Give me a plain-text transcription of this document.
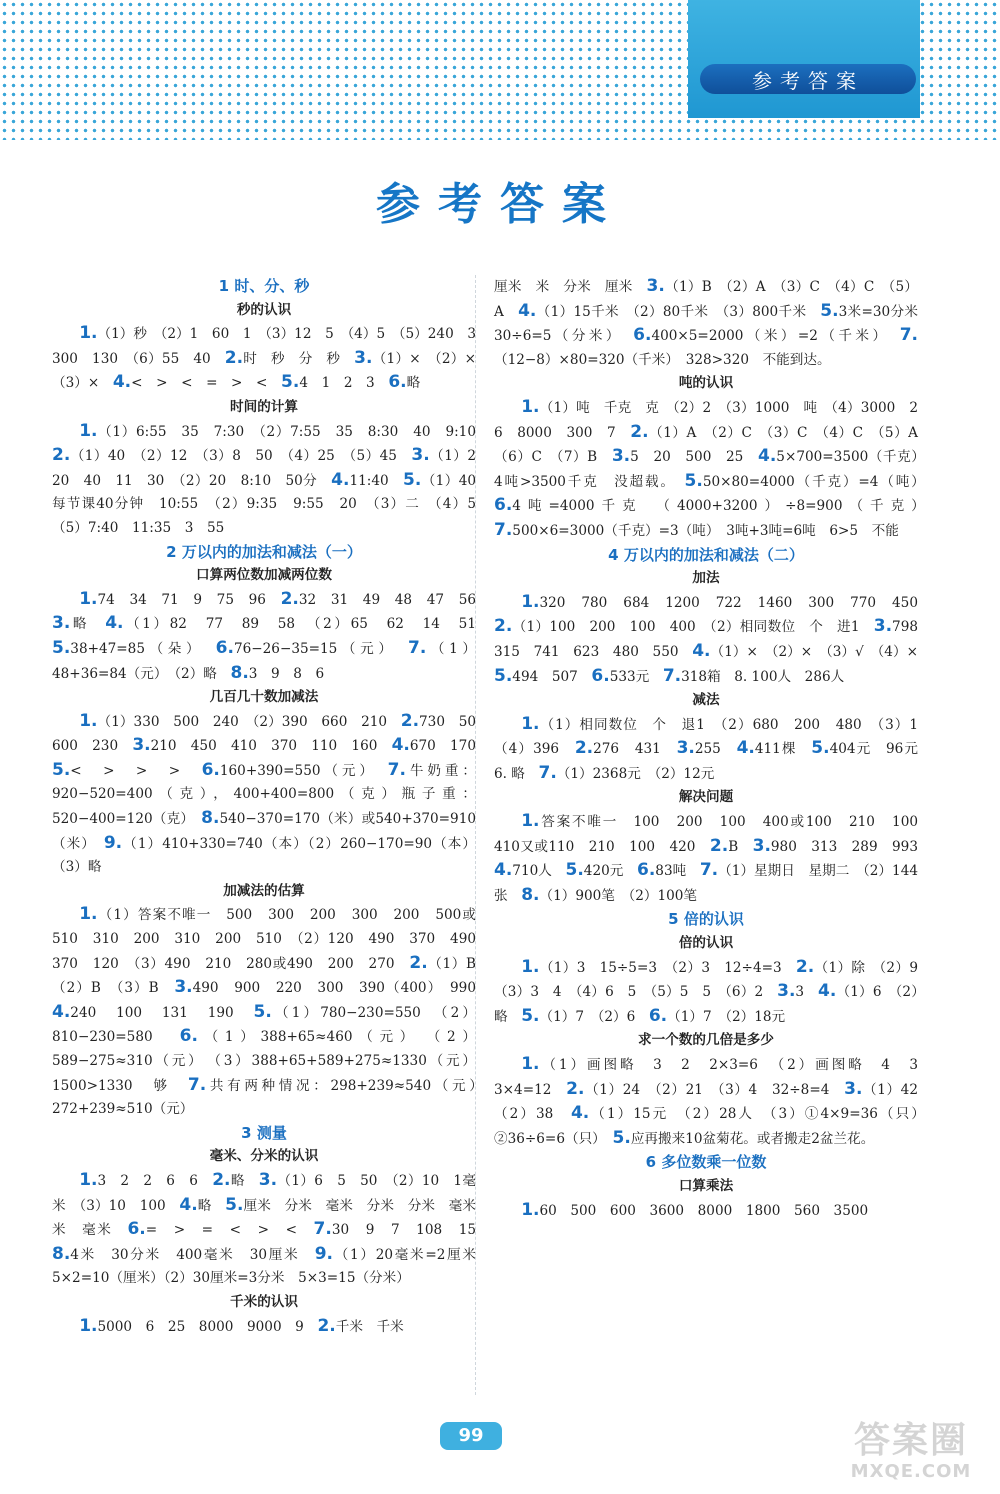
参考答案
参考答案
1 时、分、秒
秒的认识

1.（1）秒　（2）1　60　1　（3）12　5　（4）5　（5）240　3　300　130　（6）55　40　2.时　秒　分　秒　3.（1）×　（2）×　（3）×　4.<　>　<　=　>　<　5.4　1　2　3　6.略

时间的计算

1.（1）6:55　35　7:30　（2）7:55　35　8:30　40　9:10　2.（1）40　（2）12　（3）8　50　（4）25　（5）45　3.（1）2　20　40　11　30　（2）20　8:10　50分　4.11:40　5.（1）40　每节课40分钟　10:55　（2）9:35　9:55　20　（3）二　（4）5　（5）7:40　11:35　3　55

2 万以内的加法和减法（一）
口算两位数加减两位数

1.74　34　71　9　75　96　2.32　31　49　48　47　56　3.略　4.（1）82　77　89　58　（2）65　62　14　51　5.38+47=85（朵）　6.76−26−35=15（元）　7.（1）48+36=84（元）　（2）略　8.3　9　8　6

几百几十数加减法

1.（1）330　500　240　（2）390　660　210　2.730　50　600　230　3.210　450　410　370　110　160　4.670　170　5.<　>　>　>　6.160+390=550（元）　7.牛奶重：920−520=400（克），400+400=800（克）瓶子重：520−400=120（克）　8.540−370=170（米）或540+370=910（米）　9.（1）410+330=740（本）（2）260−170=90（本）（3）略

加减法的估算

1.（1）答案不唯一　500　300　200　300　200　500或510　310　200　310　200　510　（2）120　490　370　490　370　120　（3）490　210　280或490　200　270　2.（1）B　（2）B　（3）B　3.490　900　220　300　390（400）　990　4.240　100　131　190　5.（1）780−230=550　（2）810−230=580　6.（1）388+65≈460（元）　（2）589−275≈310（元）　（3）388+65+589+275≈1330（元）1500>1330　够　7.共有两种情况：298+239≈540（元）　272+239≈510（元）

3 测量
毫米、分米的认识

1.3　2　2　6　6　2.略　3.（1）6　5　50　（2）10　1毫米　（3）10　100　4.略　5.厘米　分米　毫米　分米　分米　毫米　米　毫米　6.=　>　=　<　>　<　7.30　9　7　108　15　8.4米　30分米　400毫米　30厘米　9.（1）20毫米=2厘米　5×2=10（厘米）（2）30厘米=3分米　5×3=15（分米）

千米的认识

1.5000　6　25　8000　9000　9　2.千米　千米

厘米　米　分米　厘米　3.（1）B　（2）A　（3）C　（4）C　（5）A　4.（1）15千米　（2）80千米　（3）800千米　5.3米=30分米　30÷6=5（分米）　6.400×5=2000（米）=2（千米）　7.（12−8）×80=320（千米）　328>320　不能到达。

吨的认识

1.（1）吨　千克　克　（2）2　（3）1000　吨　（4）3000　2　6　8000　300　7　2.（1）A　（2）C　（3）C　（4）C　（5）A　（6）C　（7）B　3.5　20　500　25　4.5×700=3500（千克）　4吨>3500千克　没超载。　5.50×80=4000（千克）=4（吨）　6.4吨=4000千克　（4000+3200）÷8=900（千克）　7.500×6=3000（千克）=3（吨）　3吨+3吨=6吨　6>5　不能

4 万以内的加法和减法（二）
加法

1.320　780　684　1200　722　1460　300　770　450　2.（1）100　200　100　400　（2）相同数位　个　进1　3.798　315　741　623　480　550　4.（1）×　（2）×　（3）√　（4）×　5.494　507　6.533元　7.318箱　8. 100人　286人

减法

1.（1）相同数位　个　退1　（2）680　200　480　（3）1　（4）396　2.276　431　3.255　4.411棵　5.404元　96元　6. 略　7.（1）2368元　（2）12元

解决问题

1.答案不唯一　100　200　100　400或100　210　100　410又或110　210　100　420　2.B　3.980　313　289　993　4.710人　5.420元　6.83吨　7.（1）星期日　星期二　（2）144张　8.（1）900笔　（2）100笔

5 倍的认识
倍的认识

1.（1）3　15÷5=3　（2）3　12÷4=3　2.（1）除　（2）9　（3）3　4　（4）6　5　（5）5　5　（6）2　3.3　4.（1）6　（2）略　5.（1）7　（2）6　6.（1）7　（2）18元

求一个数的几倍是多少

1.（1）画图略　3　2　2×3=6　（2）画图略　4　3　3×4=12　2.（1）24　（2）21　（3）4　32÷8=4　3.（1）42　（2）38　4.（1）15元　（2）28人　（3）①4×9=36（只）　②36÷6=6（只）　5.应再搬来10盆菊花。或者搬走2盆兰花。

6 多位数乘一位数
口算乘法

1.60　500　600　3600　8000　1800　560　3500

99	答案圈
MXQE.COM
